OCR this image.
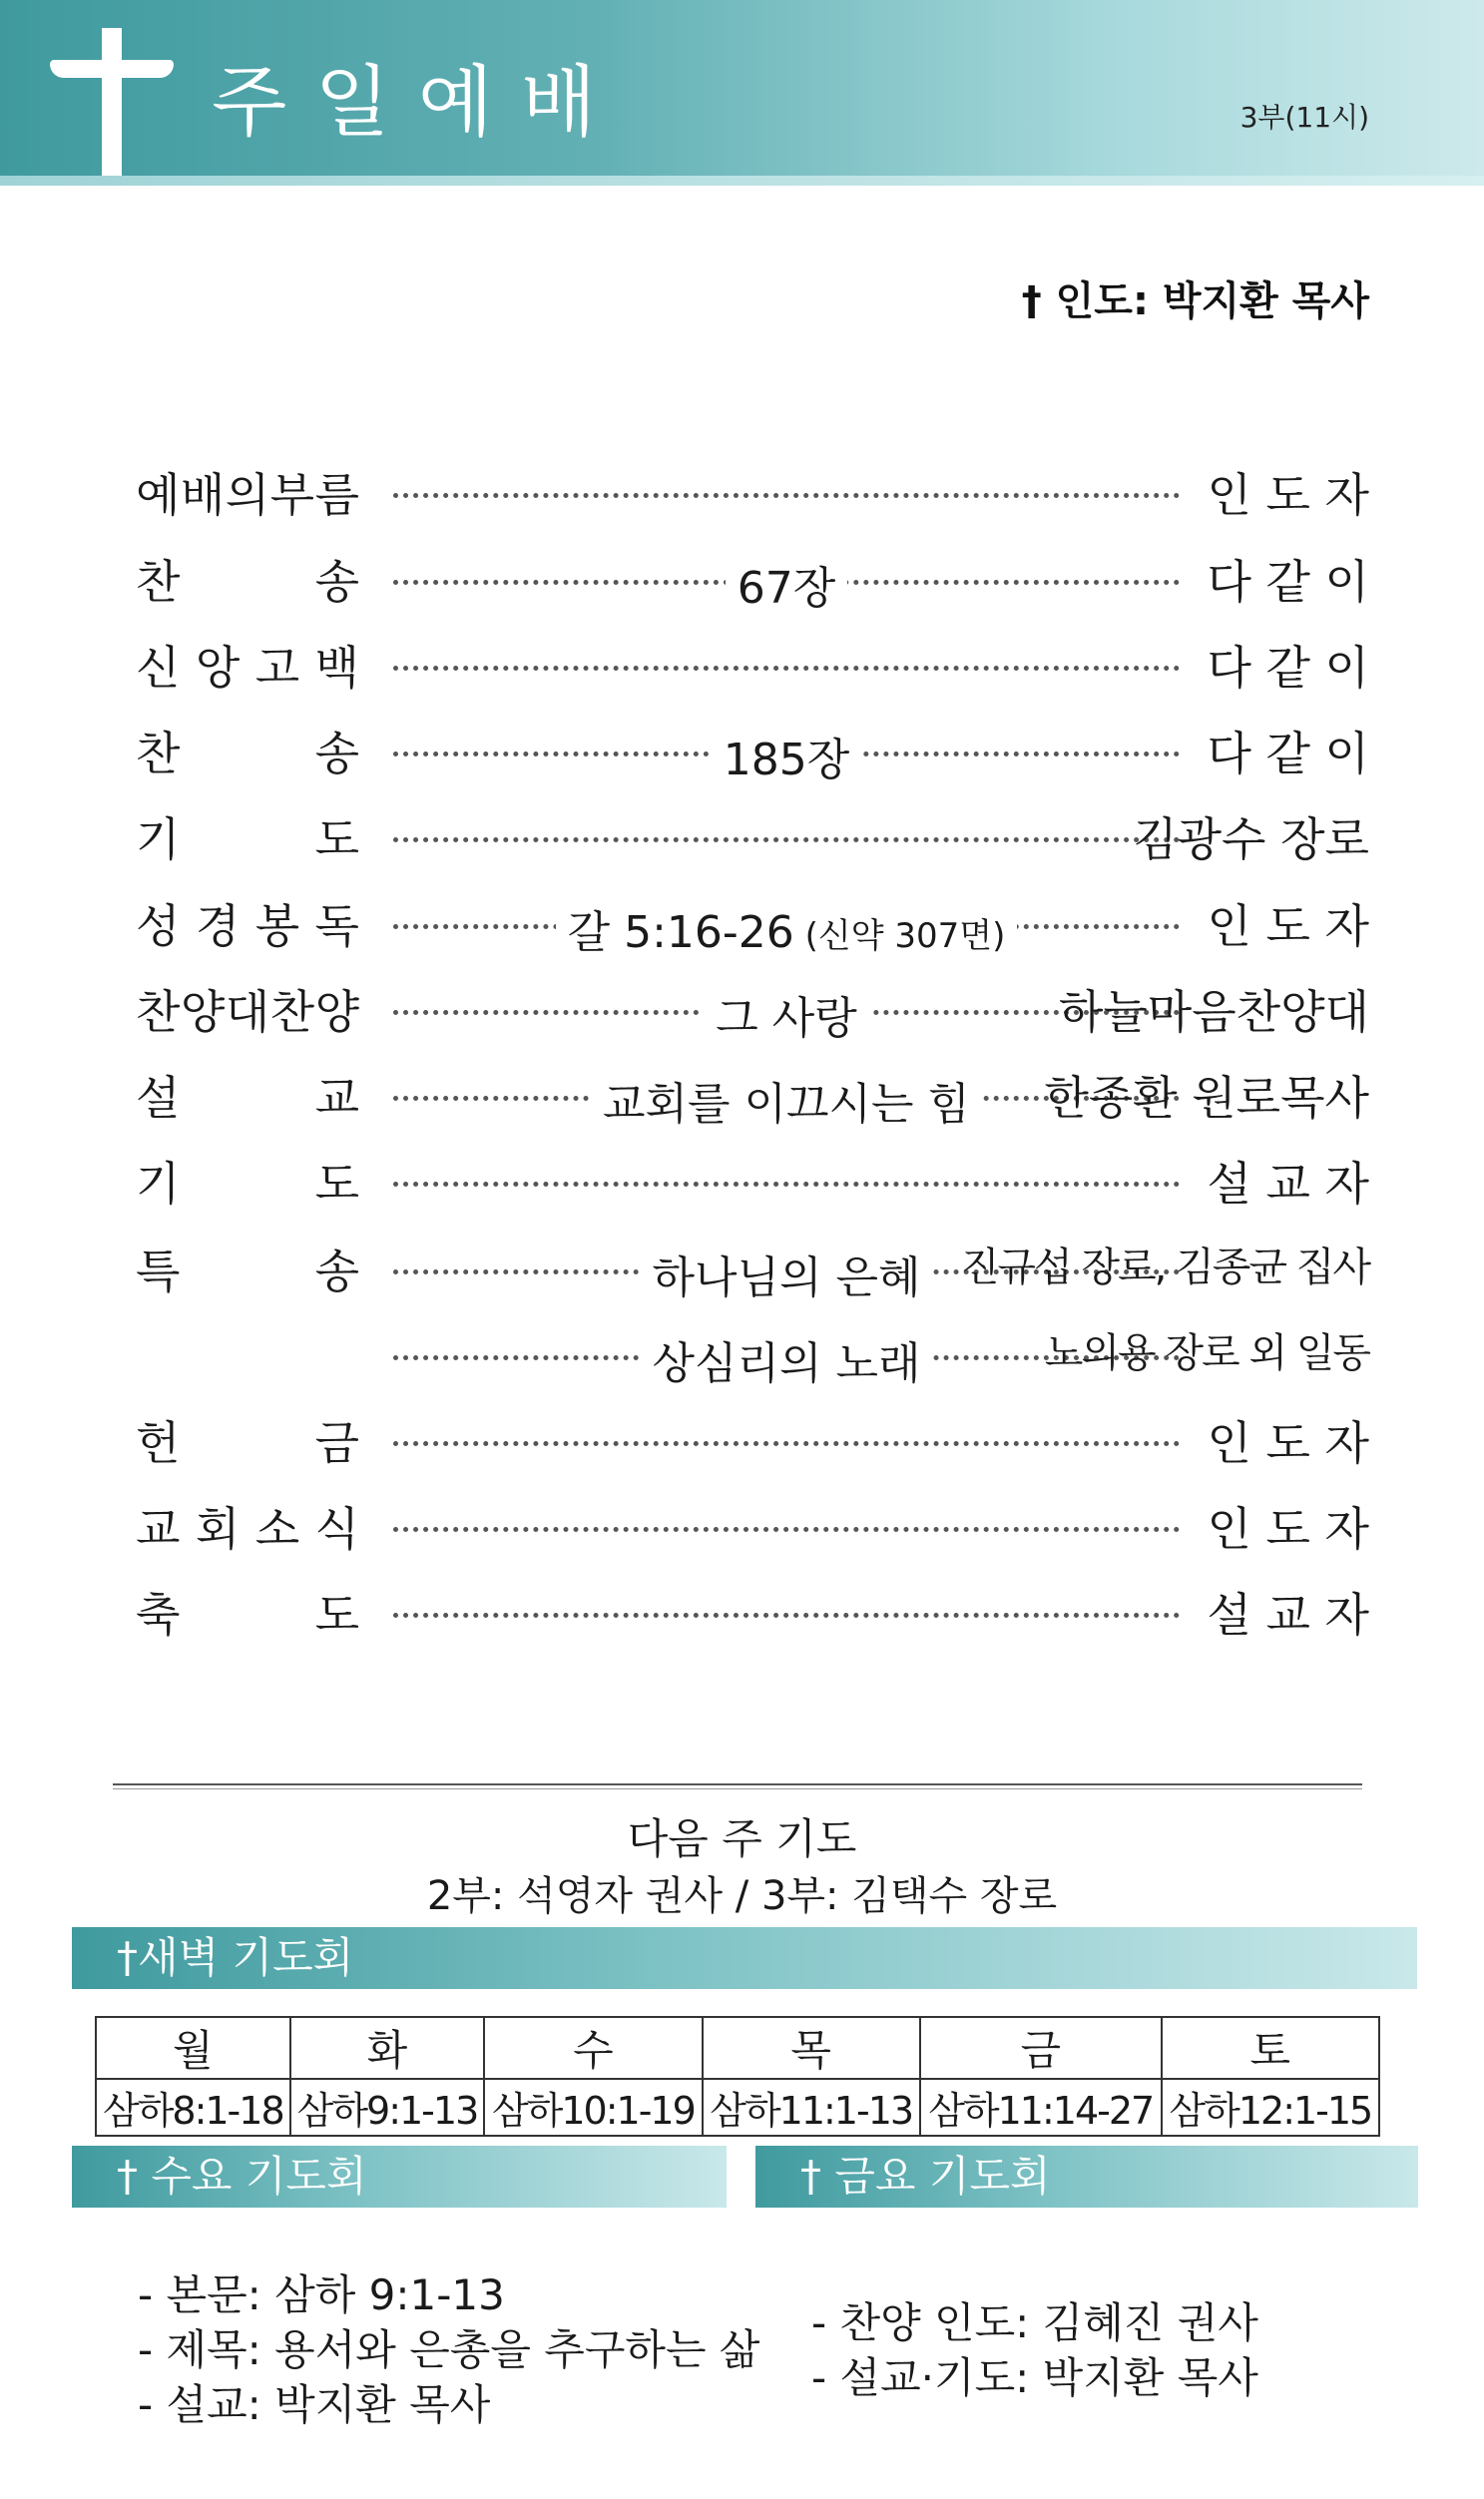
주일예배	3부(11시)
† 인도: 박지환 목사
예 배 의 부 름	인 도 자
찬	송	67장	다 같 이
신 앙 고 백	다 같 이
찬	송	185장	다 같 이
기	도	김광수 장로
성 경 봉 독	갈 5:16-26 (신약 307면)	인 도 자
찬 양 대 찬 양	그 사랑	하늘마음찬양대
설	교	교회를 이끄시는 힘	한종환 원로목사
기	도	설 교 자
특	송	하나님의 은혜	진규섭 장로, 김종균 집사
상심리의 노래	노의용 장로 외 일동
헌	금	인 도 자
교 회 소 식	인 도 자
축	도	설 교 자
다음 주 기도
2부: 석영자 권사 / 3부: 김택수 장로
†새벽 기도회
월	화	수	목	금	토
삼하8:1-18	삼하9:1-13	삼하10:1-19	삼하11:1-13	삼하11:14-27	삼하12:1-15
† 수요 기도회
- 본문: 삼하 9:1-13
- 제목: 용서와 은총을 추구하는 삶
- 설교: 박지환 목사
† 금요 기도회
- 찬양 인도: 김혜진 권사
- 설교·기도: 박지환 목사
